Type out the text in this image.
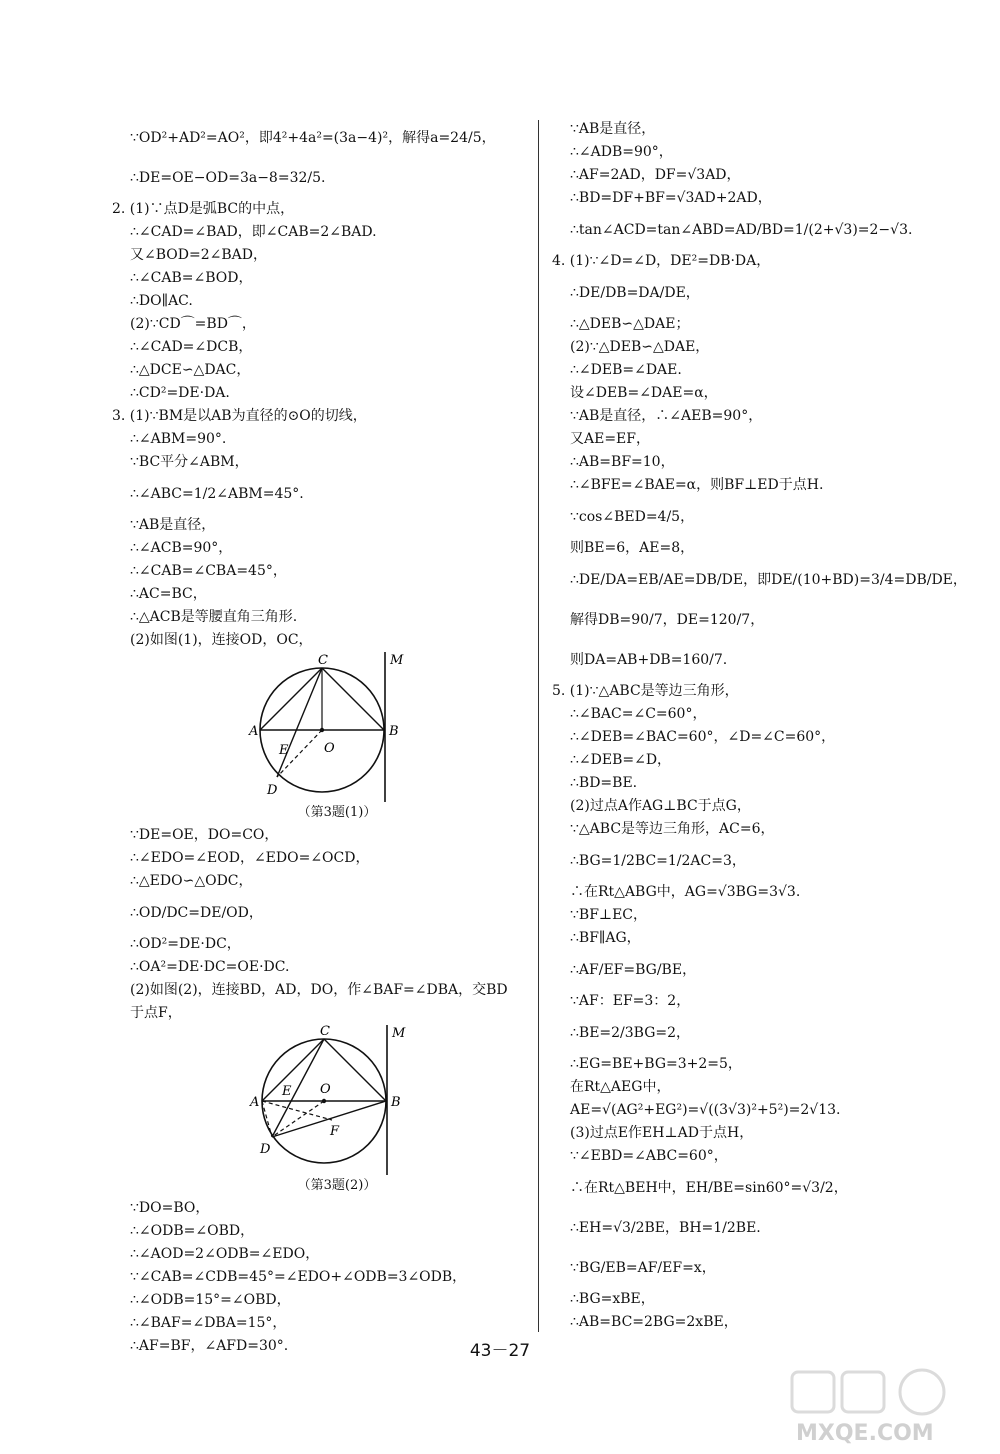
∵OD²+AD²=AO²，即4²+4a²=(3a−4)²，解得a=24/5，
∴DE=OE−OD=3a−8=32/5.
2. (1)∵点D是弧BC的中点，
∴∠CAD=∠BAD，即∠CAB=2∠BAD.
又∠BOD=2∠BAD，
∴∠CAB=∠BOD，
∴DO∥AC.
(2)∵CD⌒=BD⌒，
∴∠CAD=∠DCB，
∴△DCE∽△DAC，
∴CD²=DE·DA.
3. (1)∵BM是以AB为直径的⊙O的切线，
∴∠ABM=90°.
∵BC平分∠ABM，
∴∠ABC=1/2∠ABM=45°.
∵AB是直径，
∴∠ACB=90°，
∴∠CAB=∠CBA=45°，
∴AC=BC，
∴△ACB是等腰直角三角形.
(2)如图(1)，连接OD，OC，
C	M
A
E	O
B
D
（第3题(1)）
∵DE=OE，DO=CO，
∴∠EDO=∠EOD，∠EDO=∠OCD，
∴△EDO∽△ODC，
∴OD/DC=DE/OD，
∴OD²=DE·DC，
∴OA²=DE·DC=OE·DC.
(2)如图(2)，连接BD，AD，DO，作∠BAF=∠DBA，交BD
于点F，
C	M
A
E O
B
D
F
（第3题(2)）
∵DO=BO，
∴∠ODB=∠OBD，
∴∠AOD=2∠ODB=∠EDO，
∵∠CAB=∠CDB=45°=∠EDO+∠ODB=3∠ODB，
∴∠ODB=15°=∠OBD，
∴∠BAF=∠DBA=15°，
∴AF=BF，∠AFD=30°.
∵AB是直径，
∴∠ADB=90°，
∴AF=2AD，DF=√3AD，
∴BD=DF+BF=√3AD+2AD，
∴tan∠ACD=tan∠ABD=AD/BD=1/(2+√3)=2−√3.
4. (1)∵∠D=∠D，DE²=DB·DA，
∴DE/DB=DA/DE，
∴△DEB∽△DAE；
(2)∵△DEB∽△DAE，
∴∠DEB=∠DAE.
设∠DEB=∠DAE=α，
∵AB是直径，∴∠AEB=90°，
又AE=EF，
∴AB=BF=10，
∴∠BFE=∠BAE=α，则BF⊥ED于点H.
∵cos∠BED=4/5，
则BE=6，AE=8，
∴DE/DA=EB/AE=DB/DE，即DE/(10+BD)=3/4=DB/DE，
解得DB=90/7，DE=120/7，
则DA=AB+DB=160/7.
5. (1)∵△ABC是等边三角形，
∴∠BAC=∠C=60°，
∴∠DEB=∠BAC=60°，∠D=∠C=60°，
∴∠DEB=∠D，
∴BD=BE.
(2)过点A作AG⊥BC于点G，
∵△ABC是等边三角形，AC=6，
∴BG=1/2BC=1/2AC=3，
∴在Rt△ABG中，AG=√3BG=3√3.
∵BF⊥EC，
∴BF∥AG，
∴AF/EF=BG/BE，
∵AF：EF=3：2，
∴BE=2/3BG=2，
∴EG=BE+BG=3+2=5，
在Rt△AEG中，
AE=√(AG²+EG²)=√((3√3)²+5²)=2√13.
(3)过点E作EH⊥AD于点H，
∵∠EBD=∠ABC=60°，
∴在Rt△BEH中，EH/BE=sin60°=√3/2，
∴EH=√3/2BE，BH=1/2BE.
∵BG/EB=AF/EF=x，
∴BG=xBE，
∴AB=BC=2BG=2xBE，
43－27
MXQE.COM
